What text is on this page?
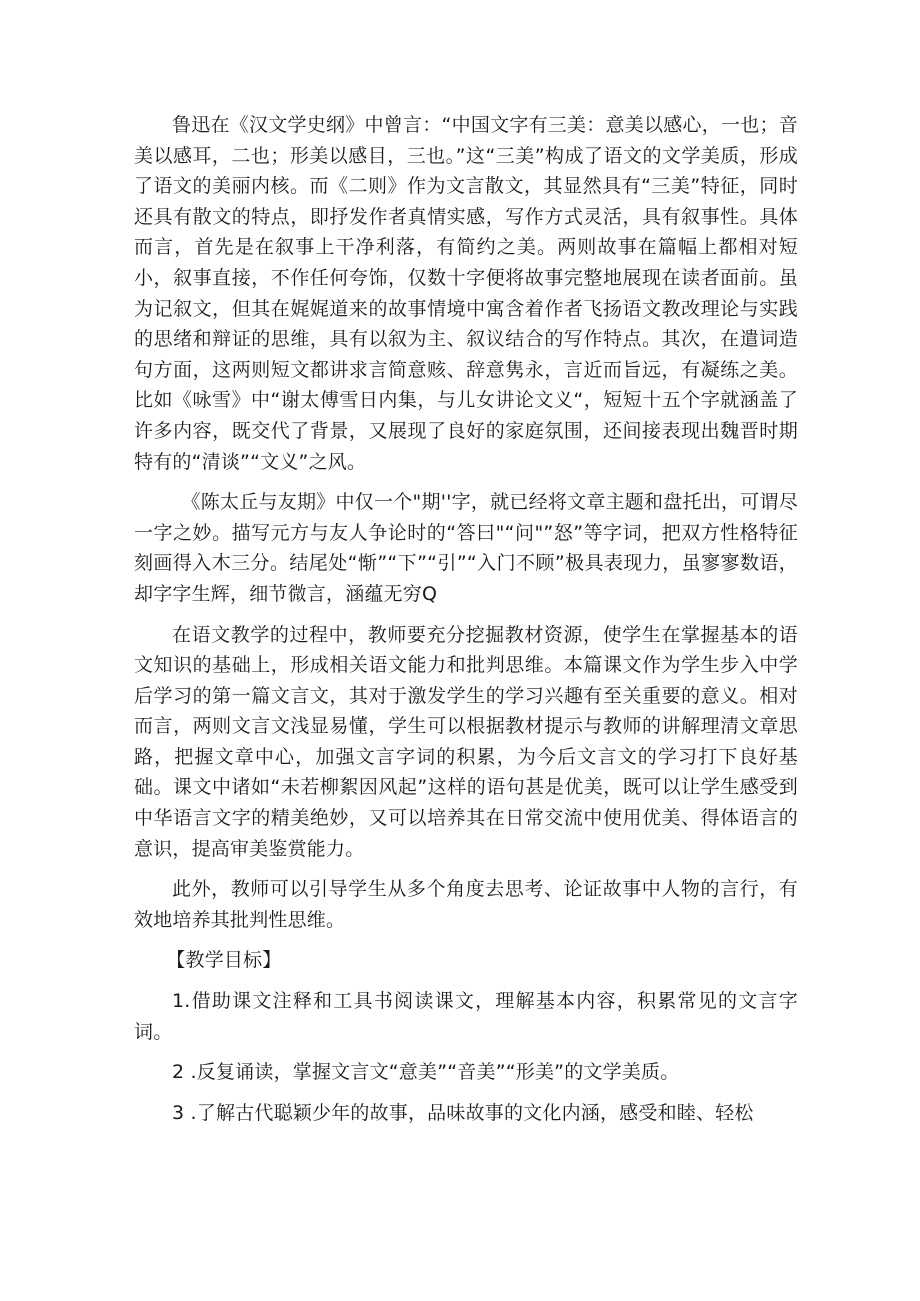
鲁迅在《汉文学史纲》中曾言：“中国文字有三美：意美以感心，一也；音美以感耳，二也；形美以感目，三也。”这“三美”构成了语文的文学美质，形成了语文的美丽内核。而《二则》作为文言散文，其显然具有“三美”特征，同时还具有散文的特点，即抒发作者真情实感，写作方式灵活，具有叙事性。具体而言，首先是在叙事上干净利落，有简约之美。两则故事在篇幅上都相对短小，叙事直接，不作任何夸饰，仅数十字便将故事完整地展现在读者面前。虽为记叙文，但其在娓娓道来的故事情境中寓含着作者飞扬语文教改理论与实践的思绪和辩证的思维，具有以叙为主、叙议结合的写作特点。其次，在遣词造句方面，这两则短文都讲求言简意赅、辞意隽永，言近而旨远，有凝练之美。比如《咏雪》中“谢太傅雪日内集，与儿女讲论文义“，短短十五个字就涵盖了许多内容，既交代了背景，又展现了良好的家庭氛围，还间接表现出魏晋时期特有的“清谈”“文义”之风。

《陈太丘与友期》中仅一个"期''字，就已经将文章主题和盘托出，可谓尽一字之妙。描写元方与友人争论时的“答曰"“问"”怒”等字词，把双方性格特征刻画得入木三分。结尾处“惭”“下”“引”“入门不顾”极具表现力，虽寥寥数语，却字字生辉，细节微言，涵蕴无穷Q

在语文教学的过程中，教师要充分挖掘教材资源，使学生在掌握基本的语文知识的基础上，形成相关语文能力和批判思维。本篇课文作为学生步入中学后学习的第一篇文言文，其对于激发学生的学习兴趣有至关重要的意义。相对而言，两则文言文浅显易懂，学生可以根据教材提示与教师的讲解理清文章思路，把握文章中心，加强文言字词的积累，为今后文言文的学习打下良好基础。课文中诸如“未若柳絮因风起”这样的语句甚是优美，既可以让学生感受到中华语言文字的精美绝妙，又可以培养其在日常交流中使用优美、得体语言的意识，提高审美鉴赏能力。

此外，教师可以引导学生从多个角度去思考、论证故事中人物的言行，有效地培养其批判性思维。

【教学目标】

1.借助课文注释和工具书阅读课文，理解基本内容，积累常见的文言字词。

2 .反复诵读，掌握文言文“意美”“音美”“形美”的文学美质。

3 .了解古代聪颖少年的故事，品味故事的文化内涵，感受和睦、轻松
